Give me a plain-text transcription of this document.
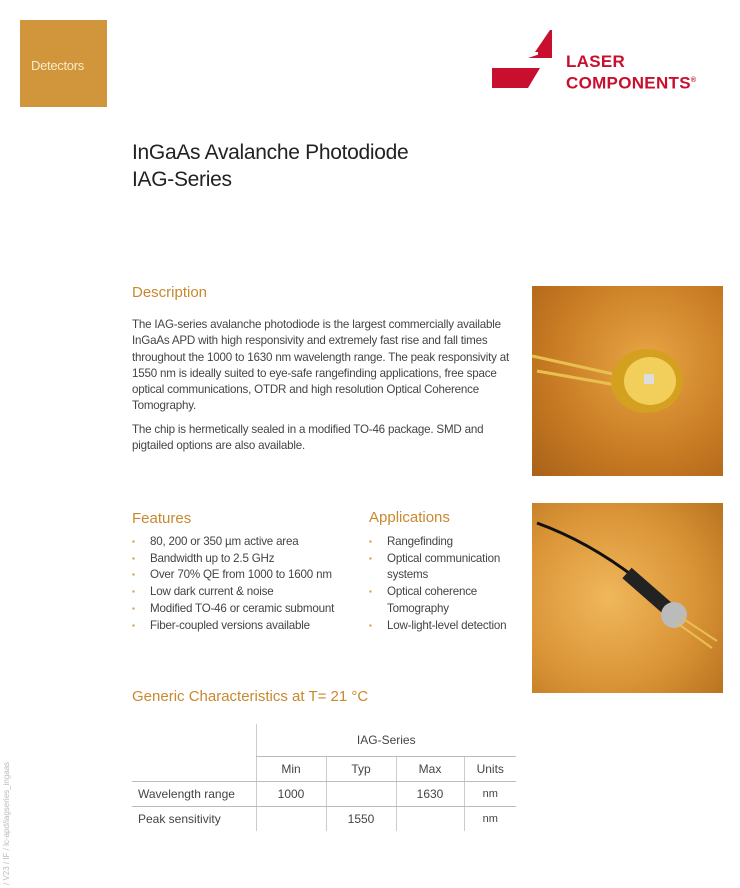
Detectors	LASER
COMPONENTS®
InGaAs Avalanche Photodiode
IAG-Series
Description
The IAG-series avalanche photodiode is the largest commercially available InGaAs APD with high responsivity and extremely fast rise and fall times throughout the 1000 to 1630 nm wavelength range. The peak responsivity at 1550 nm is ideally suited to eye-safe rangefinding applications, free space optical communications, OTDR and high resolution Optical Coherence Tomography.
The chip is hermetically sealed in a modified TO-46 package. SMD and pigtailed options are also available.
Features
▪ 80, 200 or 350 µm active area
▪ Bandwidth up to 2.5 GHz
▪ Over 70% QE from 1000 to 1600 nm
▪ Low dark current & noise
▪ Modified TO-46 or ceramic submount
▪ Fiber-coupled versions available
Applications
▪ Rangefinding
▪ Optical communication systems
▪ Optical coherence Tomography
▪ Low-light-level detection
Generic Characteristics at T= 21 °C
	IAG-Series			
	Min	Typ	Max	Units
Wavelength range	1000		1630	nm
Peak sensitivity		1550		nm
/ V23 / IF / lc-apd/iagseries_ingaas
